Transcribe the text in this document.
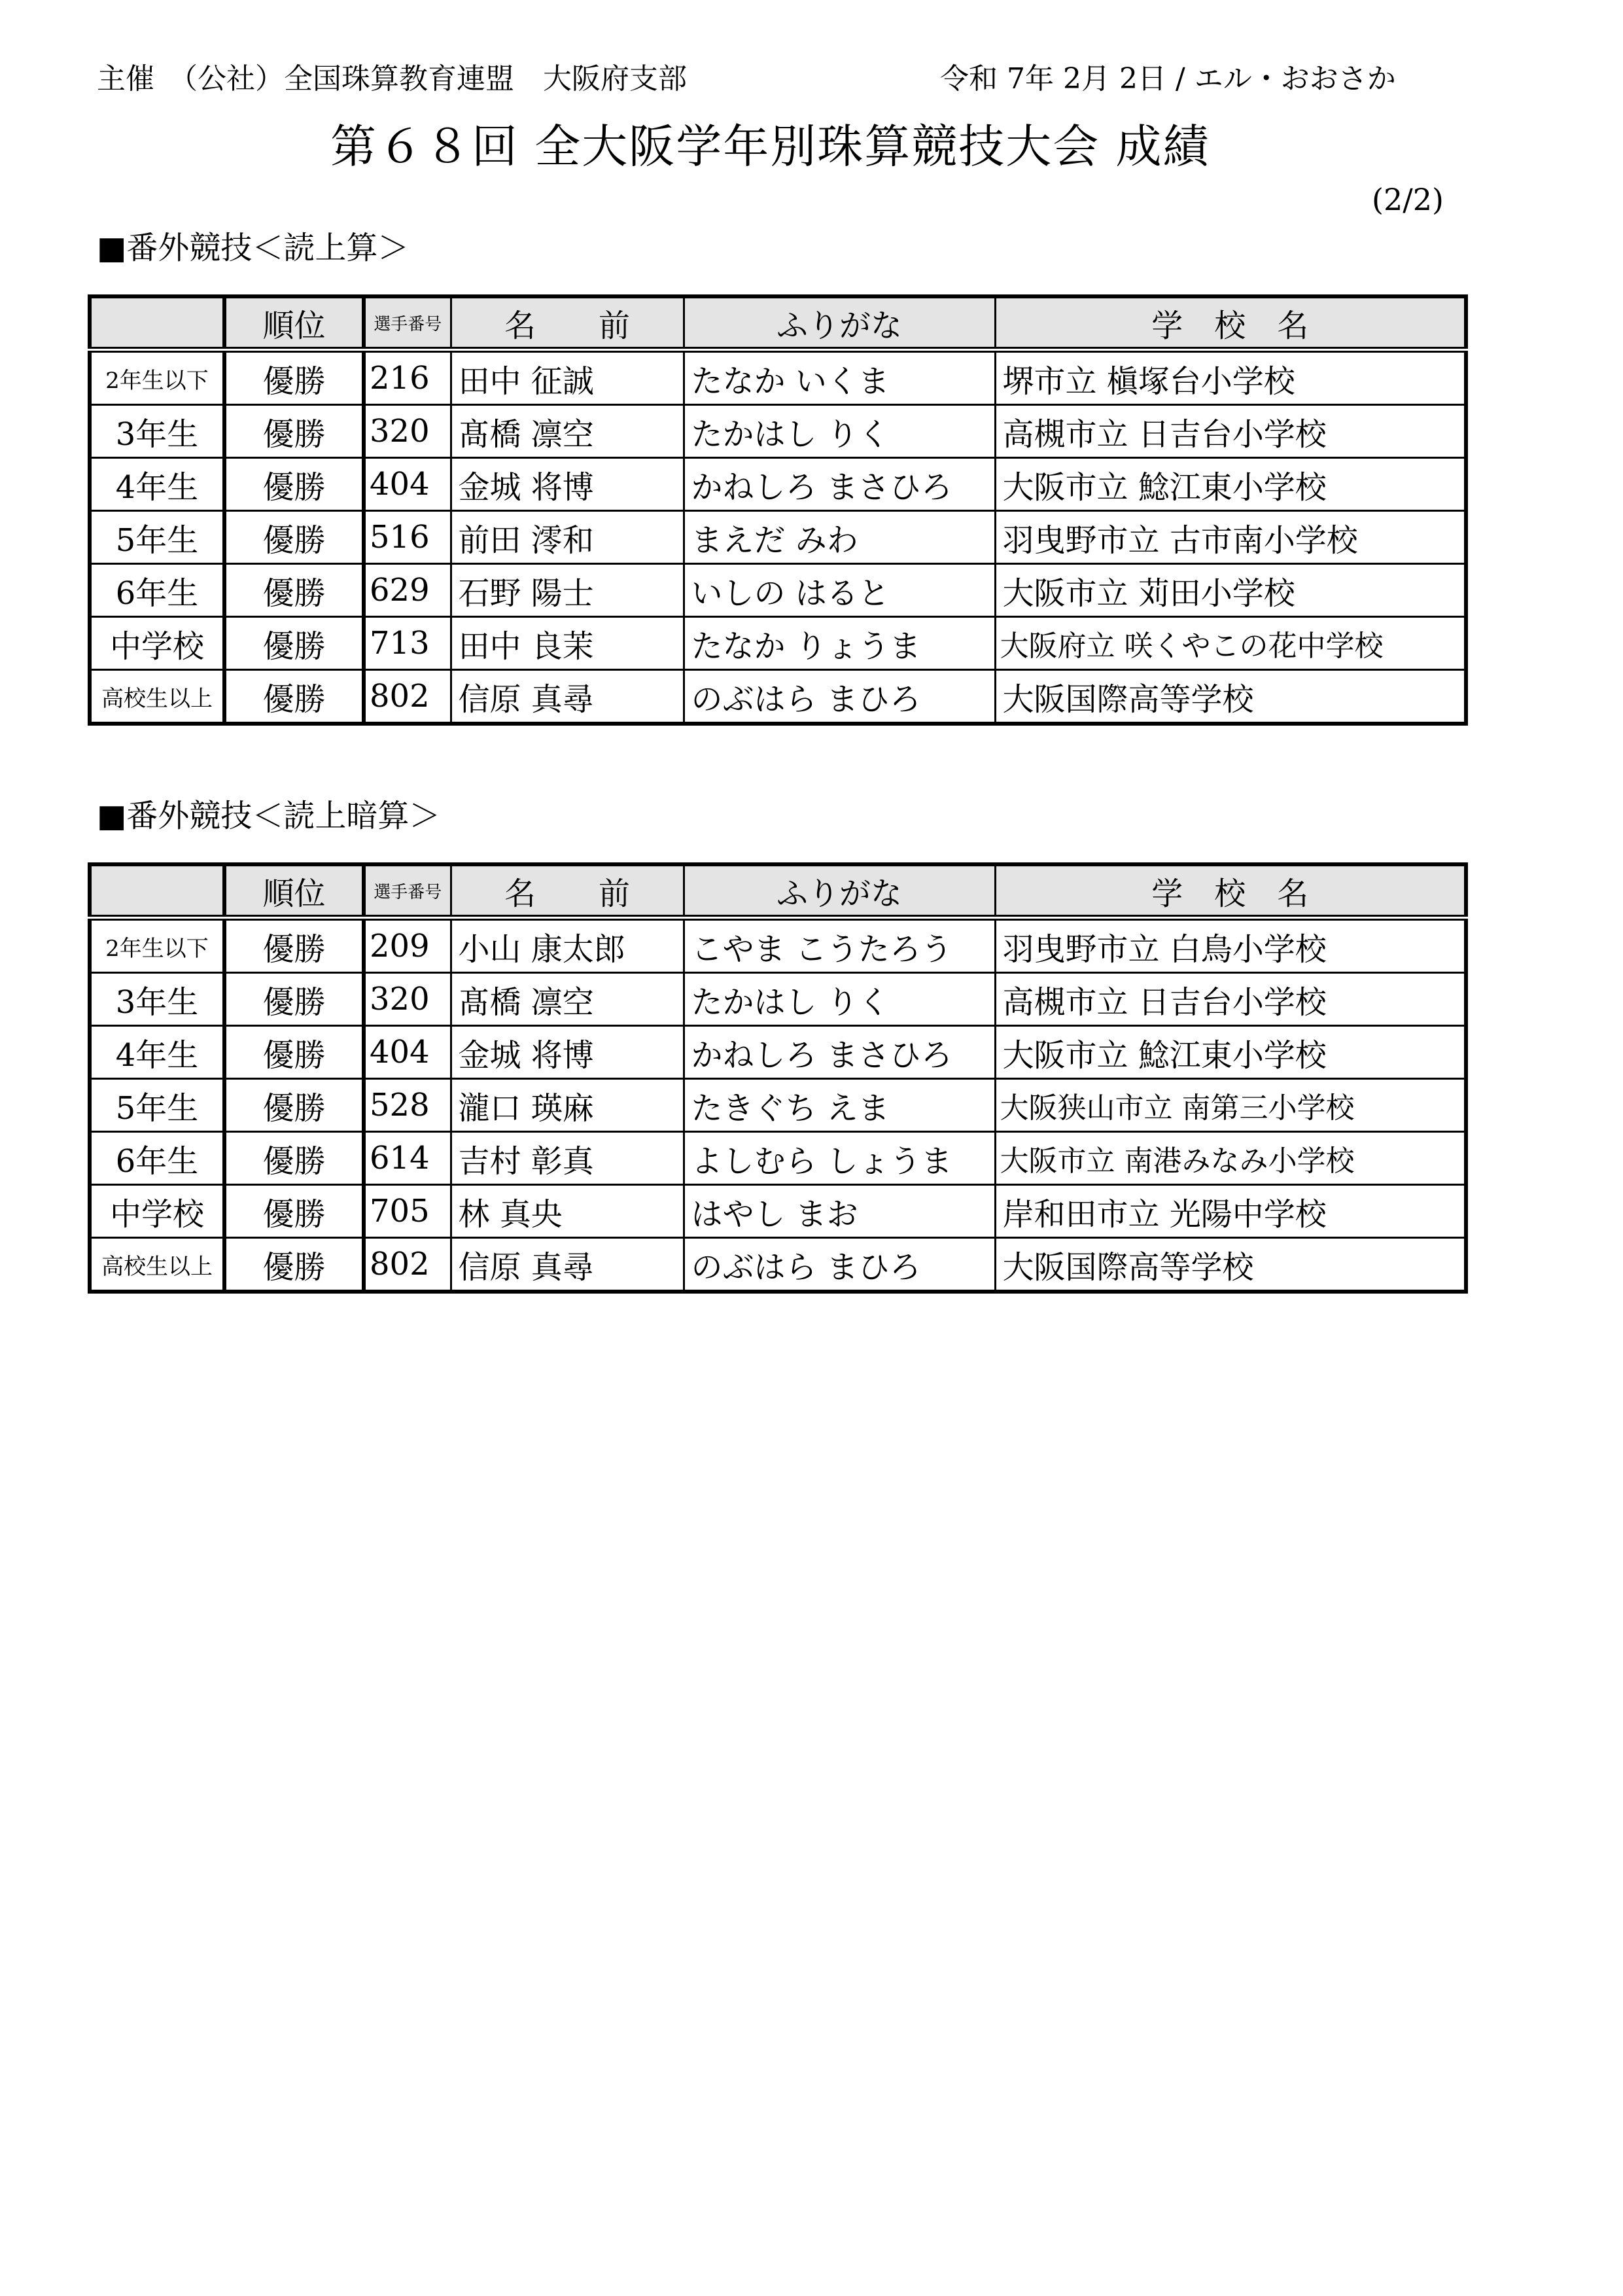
主催　（公社）全国珠算教育連盟　大阪府支部	令和 7年 2月 2日 / エル・おおさか
第６８回 全大阪学年別珠算競技大会 成績
(2/2)
■番外競技＜読上算＞
	順位	選手番号	名　　前	ふりがな	学　校　名
2年生以下	優勝	216	田中 征誠	たなか いくま	堺市立 槇塚台小学校
3年生	優勝	320	髙橋 凛空	たかはし りく	高槻市立 日吉台小学校
4年生	優勝	404	金城 将博	かねしろ まさひろ	大阪市立 鯰江東小学校
5年生	優勝	516	前田 澪和	まえだ みわ	羽曳野市立 古市南小学校
6年生	優勝	629	石野 陽士	いしの はると	大阪市立 苅田小学校
中学校	優勝	713	田中 良茉	たなか りょうま	大阪府立 咲くやこの花中学校
高校生以上	優勝	802	信原 真尋	のぶはら まひろ	大阪国際高等学校
■番外競技＜読上暗算＞
	順位	選手番号	名　　前	ふりがな	学　校　名
2年生以下	優勝	209	小山 康太郎	こやま こうたろう	羽曳野市立 白鳥小学校
3年生	優勝	320	髙橋 凛空	たかはし りく	高槻市立 日吉台小学校
4年生	優勝	404	金城 将博	かねしろ まさひろ	大阪市立 鯰江東小学校
5年生	優勝	528	瀧口 瑛麻	たきぐち えま	大阪狭山市立 南第三小学校
6年生	優勝	614	吉村 彰真	よしむら しょうま	大阪市立 南港みなみ小学校
中学校	優勝	705	林 真央	はやし まお	岸和田市立 光陽中学校
高校生以上	優勝	802	信原 真尋	のぶはら まひろ	大阪国際高等学校
